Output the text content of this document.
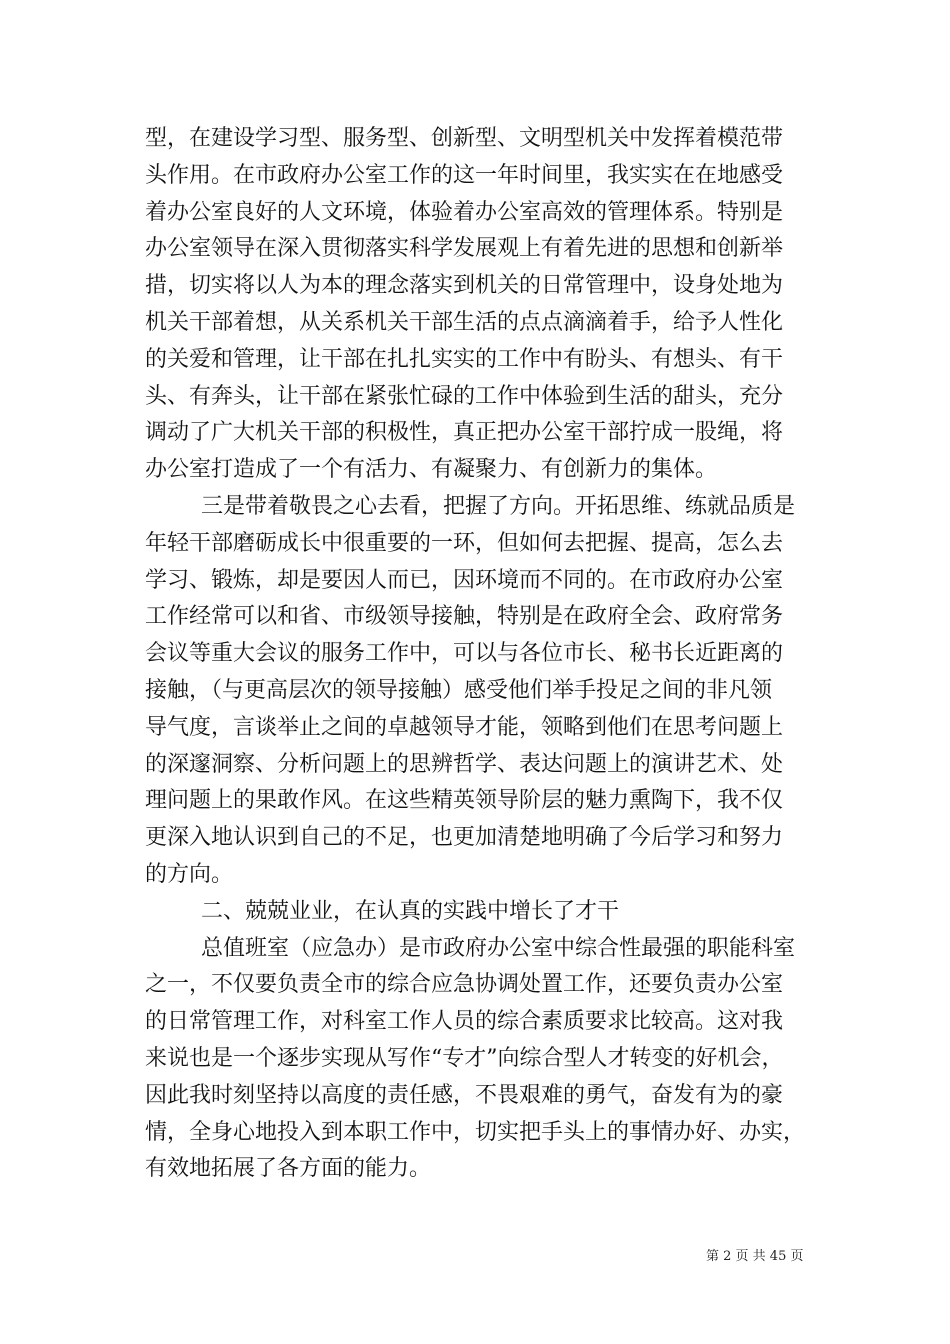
型，在建设学习型、服务型、创新型、文明型机关中发挥着模范带
头作用。在市政府办公室工作的这一年时间里，我实实在在地感受
着办公室良好的人文环境，体验着办公室高效的管理体系。特别是
办公室领导在深入贯彻落实科学发展观上有着先进的思想和创新举
措，切实将以人为本的理念落实到机关的日常管理中，设身处地为
机关干部着想，从关系机关干部生活的点点滴滴着手，给予人性化
的关爱和管理，让干部在扎扎实实的工作中有盼头、有想头、有干
头、有奔头，让干部在紧张忙碌的工作中体验到生活的甜头，充分
调动了广大机关干部的积极性，真正把办公室干部拧成一股绳，将
办公室打造成了一个有活力、有凝聚力、有创新力的集体。
三是带着敬畏之心去看，把握了方向。开拓思维、练就品质是
年轻干部磨砺成长中很重要的一环，但如何去把握、提高，怎么去
学习、锻炼，却是要因人而已，因环境而不同的。在市政府办公室
工作经常可以和省、市级领导接触，特别是在政府全会、政府常务
会议等重大会议的服务工作中，可以与各位市长、秘书长近距离的
接触，（与更高层次的领导接触）感受他们举手投足之间的非凡领
导气度，言谈举止之间的卓越领导才能，领略到他们在思考问题上
的深邃洞察、分析问题上的思辨哲学、表达问题上的演讲艺术、处
理问题上的果敢作风。在这些精英领导阶层的魅力熏陶下，我不仅
更深入地认识到自己的不足，也更加清楚地明确了今后学习和努力
的方向。
二、兢兢业业，在认真的实践中增长了才干
总值班室（应急办）是市政府办公室中综合性最强的职能科室
之一，不仅要负责全市的综合应急协调处置工作，还要负责办公室
的日常管理工作，对科室工作人员的综合素质要求比较高。这对我
来说也是一个逐步实现从写作“专才”向综合型人才转变的好机会，
因此我时刻坚持以高度的责任感，不畏艰难的勇气，奋发有为的豪
情，全身心地投入到本职工作中，切实把手头上的事情办好、办实，
有效地拓展了各方面的能力。
第 2 页 共 45 页
